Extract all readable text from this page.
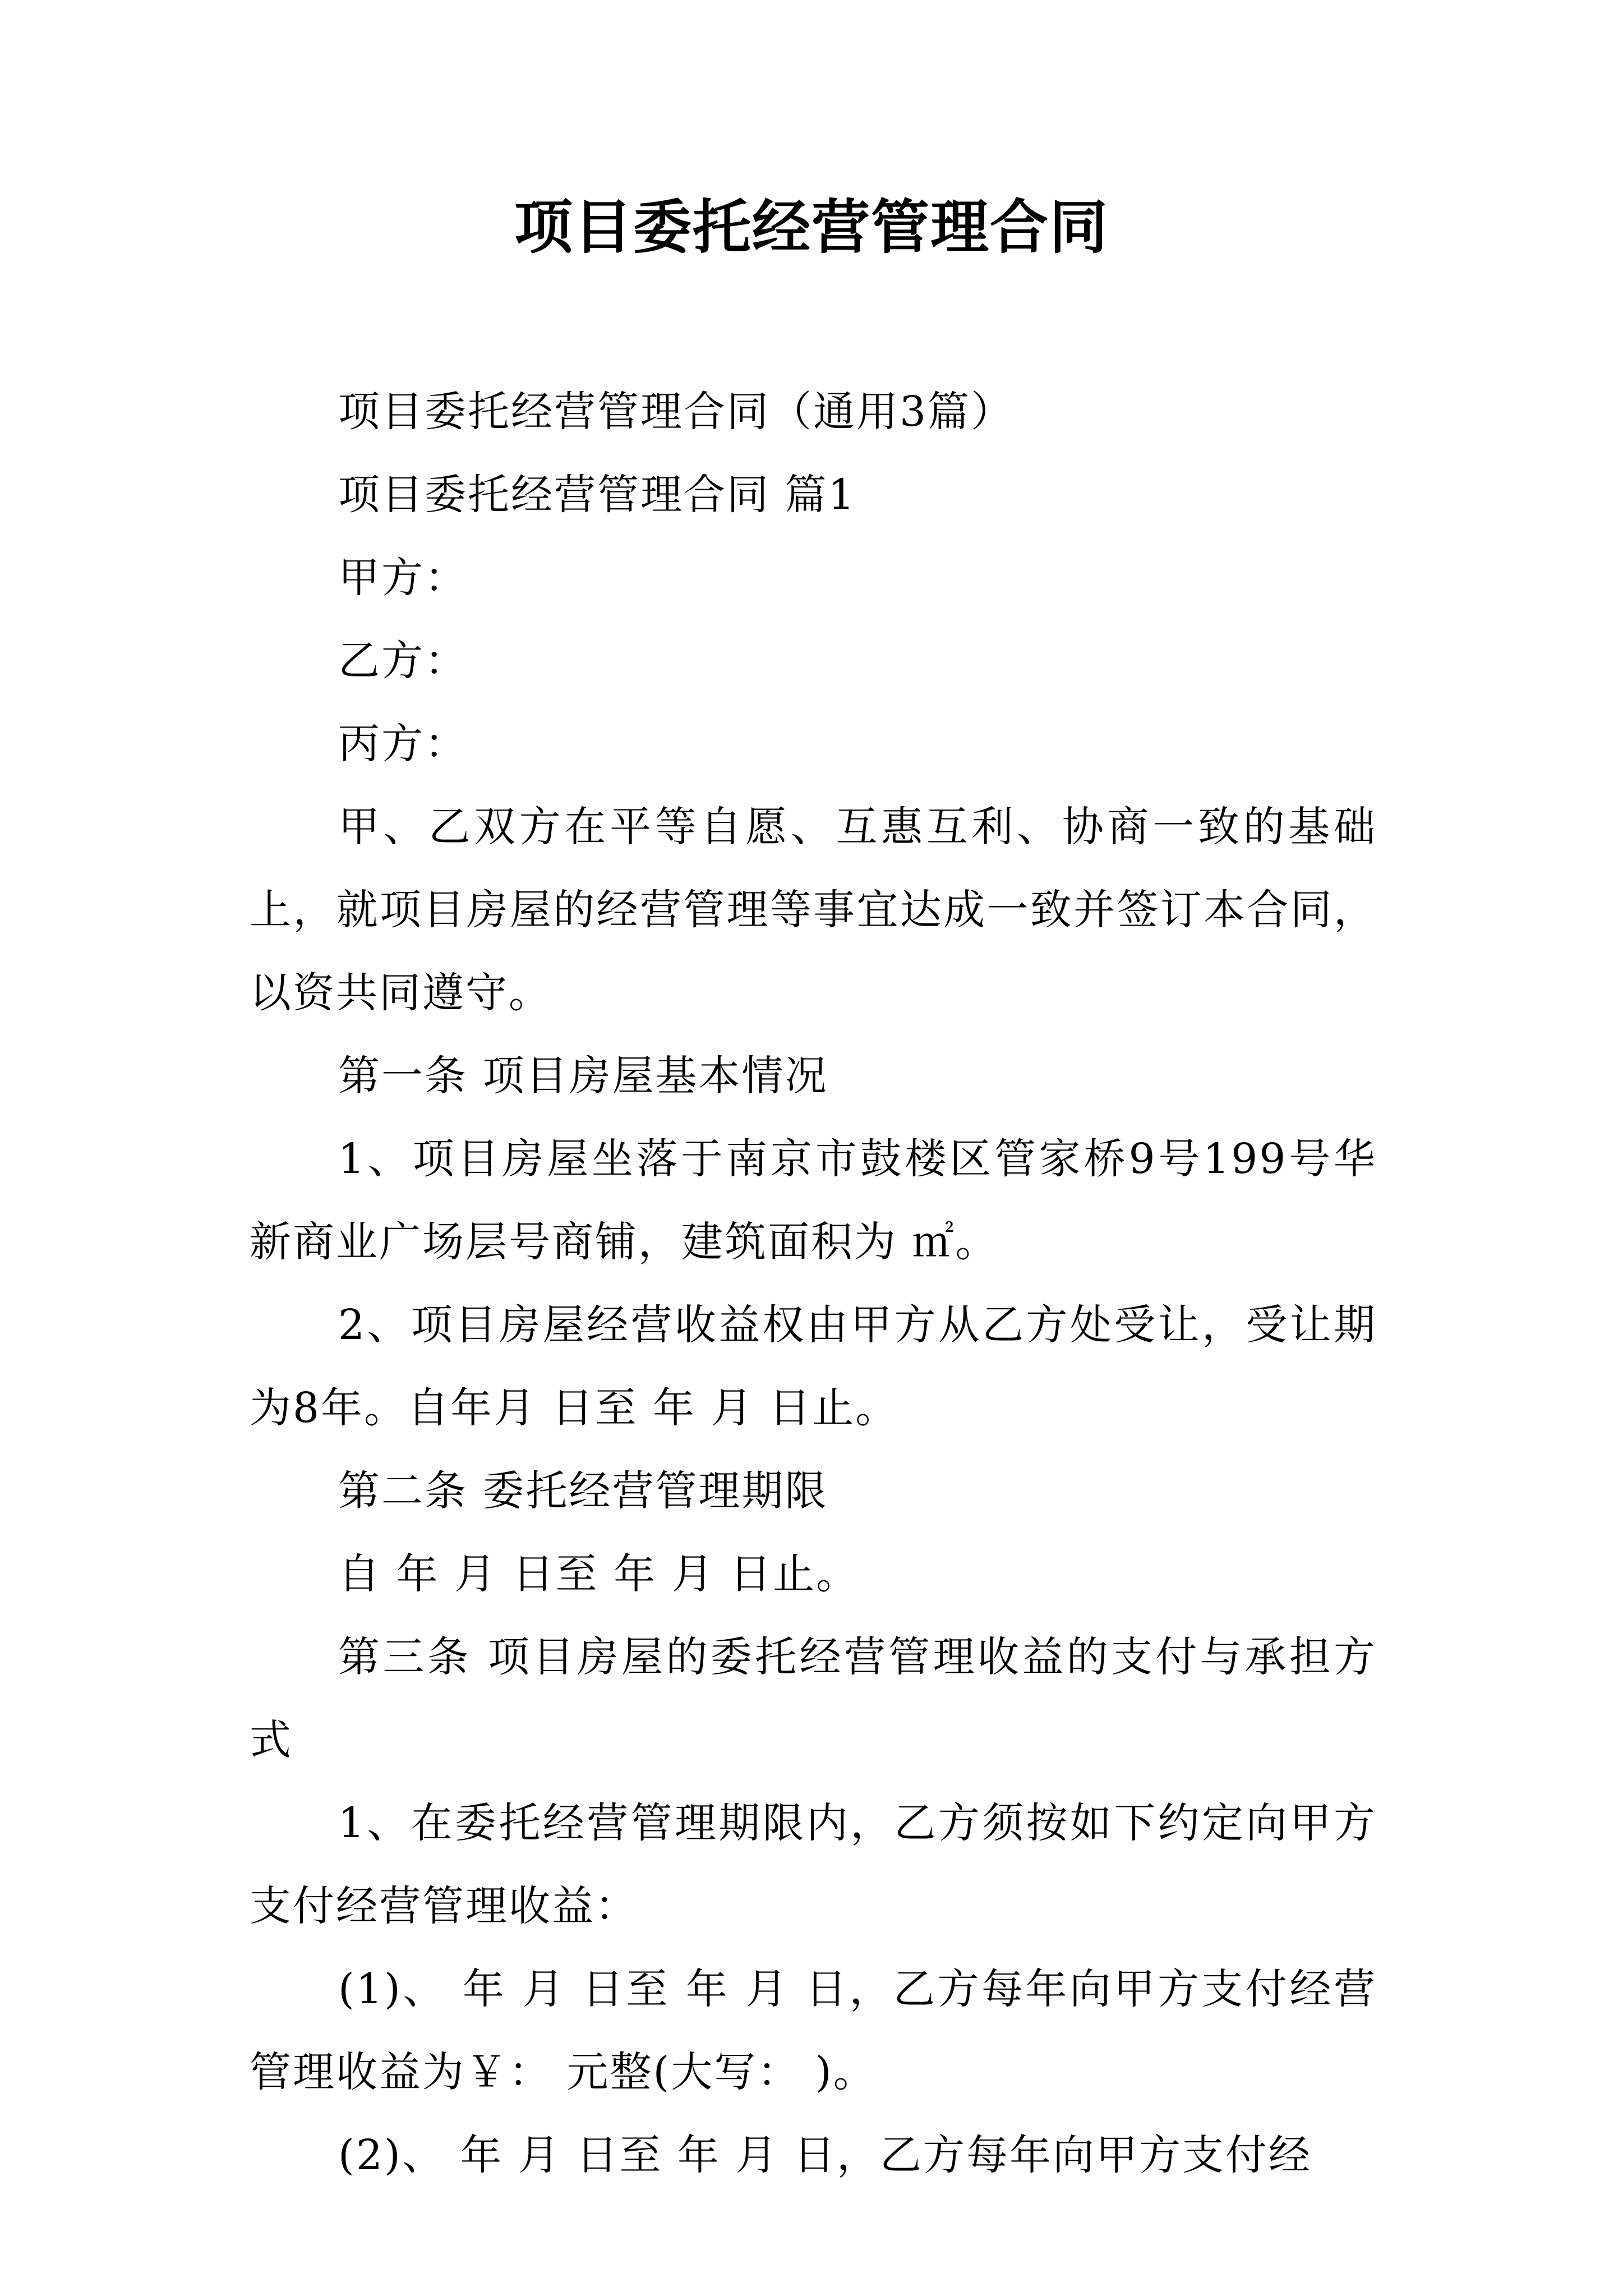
项目委托经营管理合同

项目委托经营管理合同（通用3篇）

项目委托经营管理合同 篇1

甲方：

乙方：

丙方：

甲、乙双方在平等自愿、互惠互利、协商一致的基础上，就项目房屋的经营管理等事宜达成一致并签订本合同，以资共同遵守。

第一条 项目房屋基本情况

1、项目房屋坐落于南京市鼓楼区管家桥9号199号华新商业广场层号商铺，建筑面积为 ㎡。

2、项目房屋经营收益权由甲方从乙方处受让，受让期为8年。自年月 日至 年 月 日止。

第二条 委托经营管理期限

自 年 月 日至 年 月 日止。

第三条 项目房屋的委托经营管理收益的支付与承担方式

1、在委托经营管理期限内，乙方须按如下约定向甲方支付经营管理收益：

(1)、 年 月 日至 年 月 日，乙方每年向甲方支付经营管理收益为￥： 元整(大写： )。

(2)、 年 月 日至 年 月 日，乙方每年向甲方支付经
